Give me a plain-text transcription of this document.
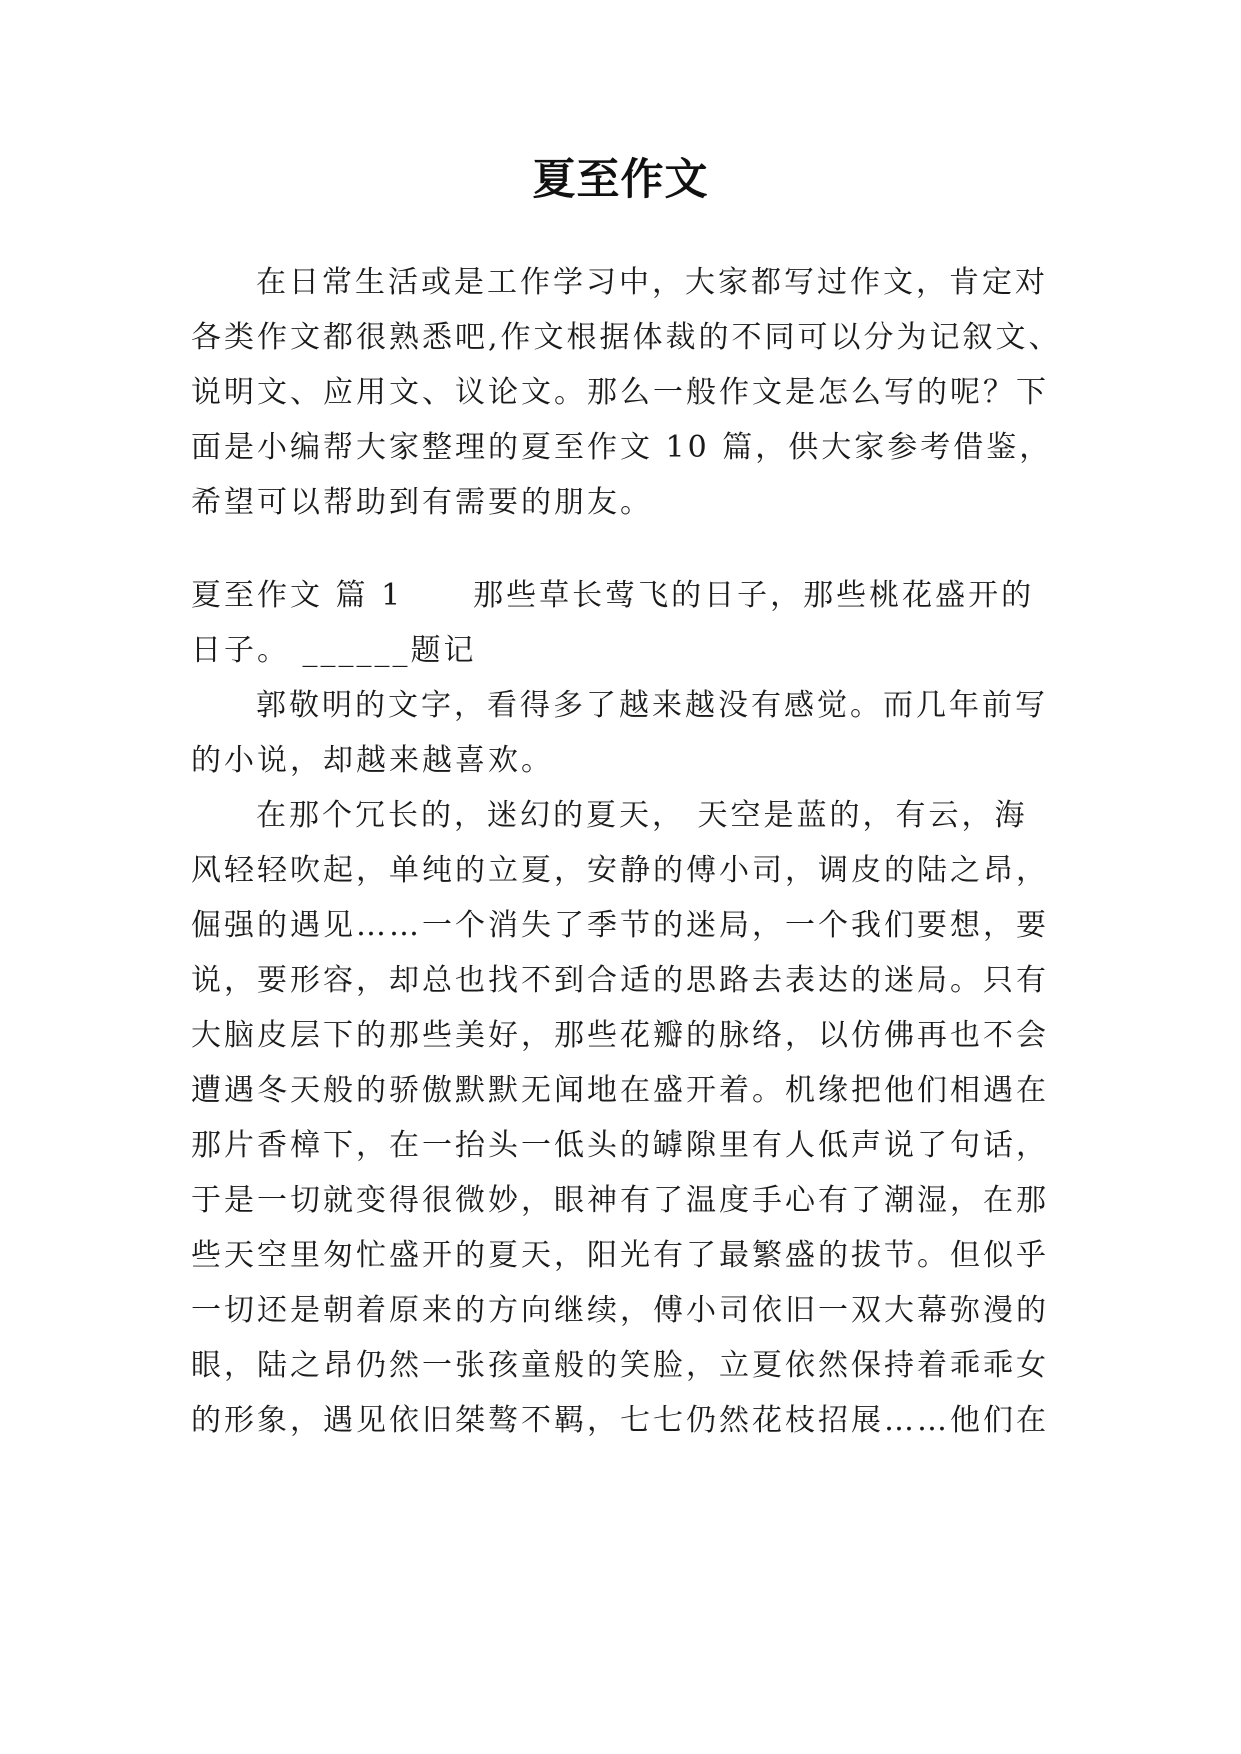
夏至作文
在日常生活或是工作学习中，大家都写过作文，肯定对
各类作文都很熟悉吧,作文根据体裁的不同可以分为记叙文、
说明文、应用文、议论文。那么一般作文是怎么写的呢？下
面是小编帮大家整理的夏至作文 10 篇，供大家参考借鉴，
希望可以帮助到有需要的朋友。
夏至作文 篇 1 那些草长莺飞的日子，那些桃花盛开的
日子。 ______题记
郭敬明的文字，看得多了越来越没有感觉。而几年前写
的小说，却越来越喜欢。
在那个冗长的，迷幻的夏天， 天空是蓝的，有云，海
风轻轻吹起，单纯的立夏，安静的傅小司，调皮的陆之昂，
倔强的遇见……一个消失了季节的迷局，一个我们要想，要
说，要形容，却总也找不到合适的思路去表达的迷局。只有
大脑皮层下的那些美好，那些花瓣的脉络，以仿佛再也不会
遭遇冬天般的骄傲默默无闻地在盛开着。机缘把他们相遇在
那片香樟下，在一抬头一低头的罅隙里有人低声说了句话，
于是一切就变得很微妙，眼神有了温度手心有了潮湿，在那
些天空里匆忙盛开的夏天，阳光有了最繁盛的拔节。但似乎
一切还是朝着原来的方向继续，傅小司依旧一双大幕弥漫的
眼，陆之昂仍然一张孩童般的笑脸，立夏依然保持着乖乖女
的形象，遇见依旧桀骜不羁，七七仍然花枝招展……他们在
